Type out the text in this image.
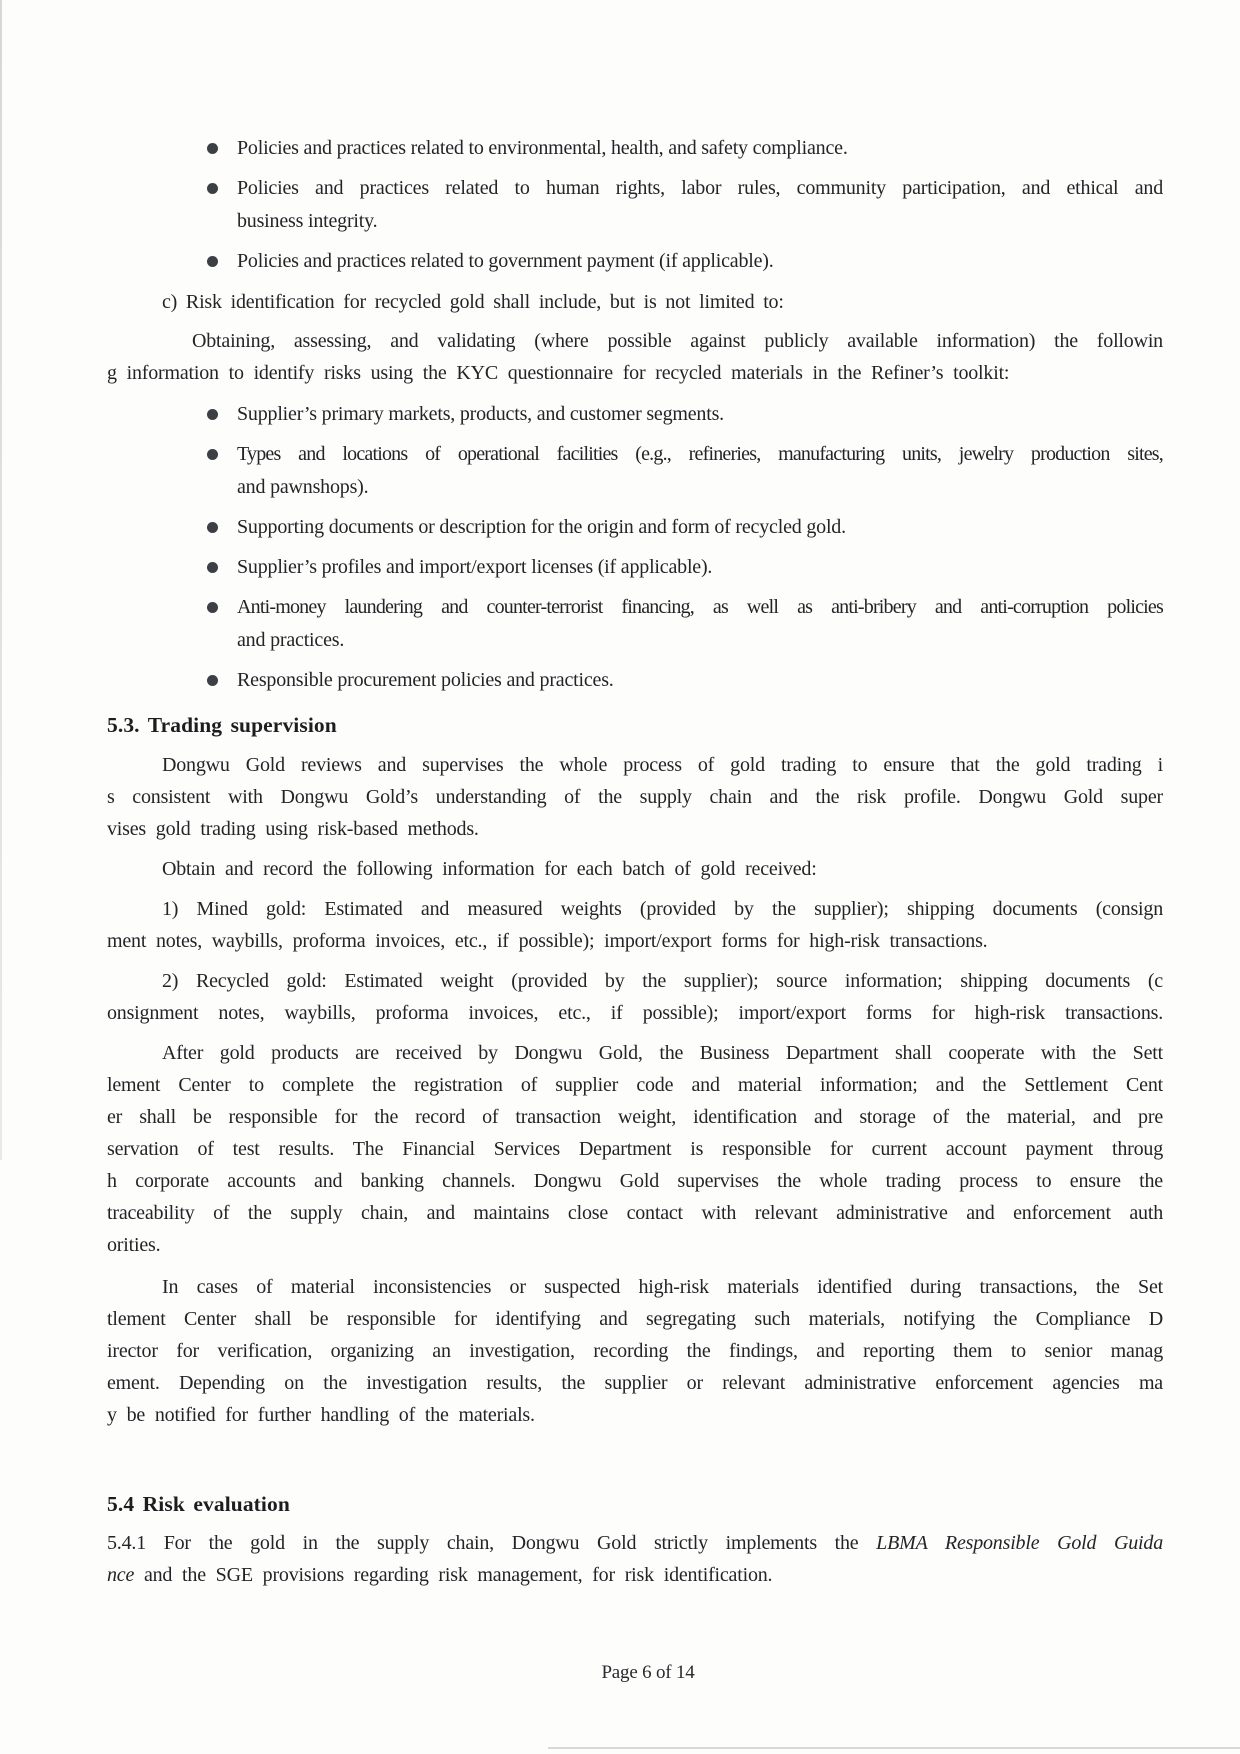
Policies and practices related to environmental, health, and safety compliance.
Policies and practices related to human rights, labor rules, community participation, and ethical and
business integrity.
Policies and practices related to government payment (if applicable).
c) Risk identification for recycled gold shall include, but is not limited to:
Obtaining, assessing, and validating (where possible against publicly available information) the followin
g information to identify risks using the KYC questionnaire for recycled materials in the Refiner’s toolkit:
Supplier’s primary markets, products, and customer segments.
Types and locations of operational facilities (e.g., refineries, manufacturing units, jewelry production sites,
and pawnshops).
Supporting documents or description for the origin and form of recycled gold.
Supplier’s profiles and import/export licenses (if applicable).
Anti-money laundering and counter-terrorist financing, as well as anti-bribery and anti-corruption policies
and practices.
Responsible procurement policies and practices.
5.3. Trading supervision
Dongwu Gold reviews and supervises the whole process of gold trading to ensure that the gold trading i
s consistent with Dongwu Gold’s understanding of the supply chain and the risk profile. Dongwu Gold super
vises gold trading using risk-based methods.
Obtain and record the following information for each batch of gold received:
1) Mined gold: Estimated and measured weights (provided by the supplier); shipping documents (consign
ment notes, waybills, proforma invoices, etc., if possible); import/export forms for high-risk transactions.
2) Recycled gold: Estimated weight (provided by the supplier); source information; shipping documents (c
onsignment notes, waybills, proforma invoices, etc., if possible); import/export forms for high-risk transactions.
After gold products are received by Dongwu Gold, the Business Department shall cooperate with the Sett
lement Center to complete the registration of supplier code and material information; and the Settlement Cent
er shall be responsible for the record of transaction weight, identification and storage of the material, and pre
servation of test results. The Financial Services Department is responsible for current account payment throug
h corporate accounts and banking channels. Dongwu Gold supervises the whole trading process to ensure the
traceability of the supply chain, and maintains close contact with relevant administrative and enforcement auth
orities.
In cases of material inconsistencies or suspected high-risk materials identified during transactions, the Set
tlement Center shall be responsible for identifying and segregating such materials, notifying the Compliance D
irector for verification, organizing an investigation, recording the findings, and reporting them to senior manag
ement. Depending on the investigation results, the supplier or relevant administrative enforcement agencies ma
y be notified for further handling of the materials.
5.4 Risk evaluation
5.4.1 For the gold in the supply chain, Dongwu Gold strictly implements the LBMA Responsible Gold Guida
nce and the SGE provisions regarding risk management, for risk identification.
Page 6 of 14
